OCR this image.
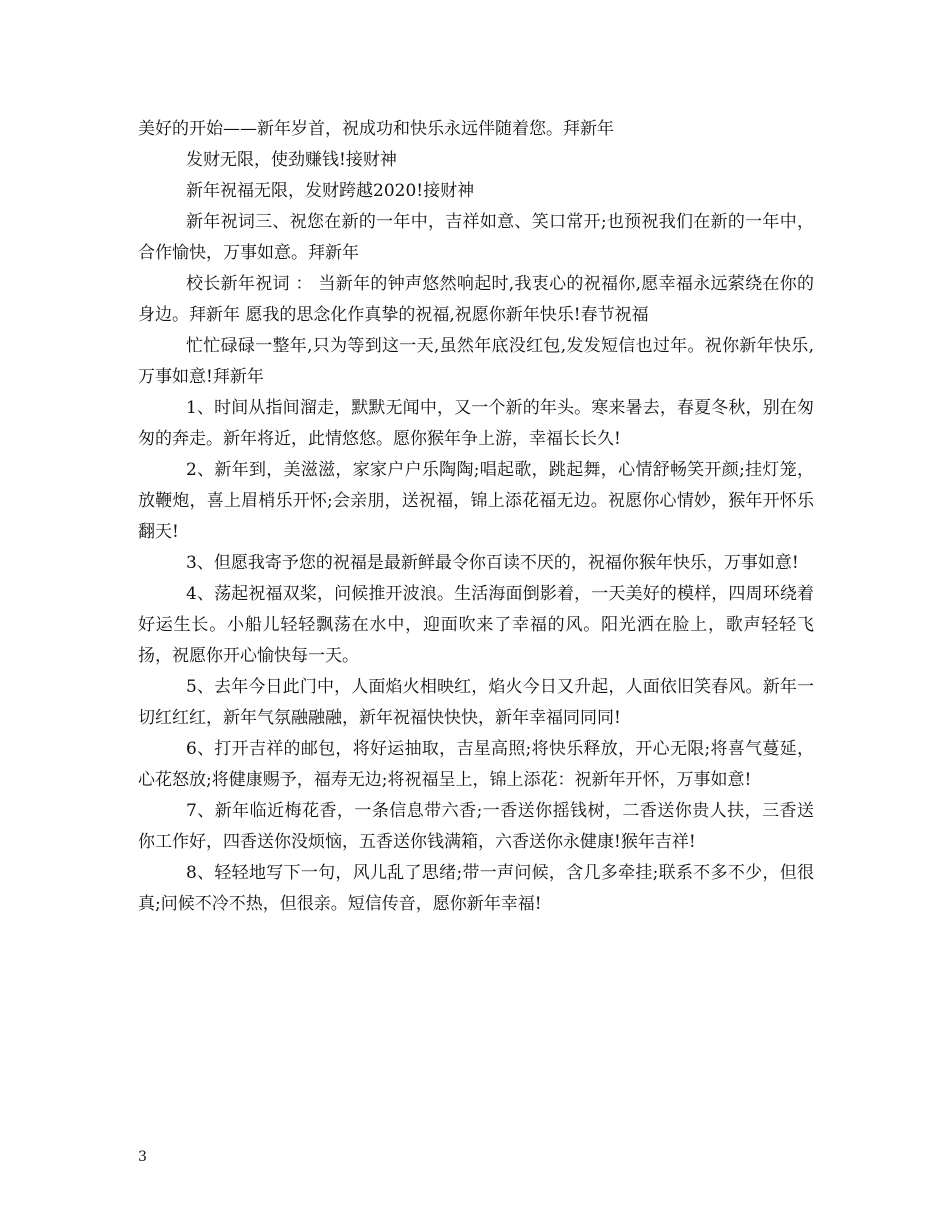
美好的开始——新年岁首，祝成功和快乐永远伴随着您。拜新年

发财无限，使劲赚钱!接财神

新年祝福无限，发财跨越2020!接财神

新年祝词三、祝您在新的一年中，吉祥如意、笑口常开;也预祝我们在新的一年中，合作愉快，万事如意。拜新年

校长新年祝词 ： 当新年的钟声悠然响起时,我衷心的祝福你,愿幸福永远萦绕在你的身边。拜新年 愿我的思念化作真挚的祝福,祝愿你新年快乐!春节祝福

忙忙碌碌一整年,只为等到这一天,虽然年底没红包,发发短信也过年。祝你新年快乐,万事如意!拜新年

1、时间从指间溜走，默默无闻中，又一个新的年头。寒来暑去，春夏冬秋，别在匆匆的奔走。新年将近，此情悠悠。愿你猴年争上游，幸福长长久!

2、新年到，美滋滋，家家户户乐陶陶;唱起歌，跳起舞，心情舒畅笑开颜;挂灯笼，放鞭炮，喜上眉梢乐开怀;会亲朋，送祝福，锦上添花福无边。祝愿你心情妙，猴年开怀乐翻天!

3、但愿我寄予您的祝福是最新鲜最令你百读不厌的，祝福你猴年快乐，万事如意!

4、荡起祝福双桨，问候推开波浪。生活海面倒影着，一天美好的模样，四周环绕着好运生长。小船儿轻轻飘荡在水中，迎面吹来了幸福的风。阳光洒在脸上，歌声轻轻飞扬，祝愿你开心愉快每一天。

5、去年今日此门中，人面焰火相映红，焰火今日又升起，人面依旧笑春风。新年一切红红红，新年气氛融融融，新年祝福快快快，新年幸福同同同!

6、打开吉祥的邮包，将好运抽取，吉星高照;将快乐释放，开心无限;将喜气蔓延，心花怒放;将健康赐予，福寿无边;将祝福呈上，锦上添花：祝新年开怀，万事如意!

7、新年临近梅花香，一条信息带六香;一香送你摇钱树，二香送你贵人扶，三香送你工作好，四香送你没烦恼，五香送你钱满箱，六香送你永健康!猴年吉祥!

8、轻轻地写下一句，风儿乱了思绪;带一声问候，含几多牵挂;联系不多不少，但很真;问候不冷不热，但很亲。短信传音，愿你新年幸福!

3
